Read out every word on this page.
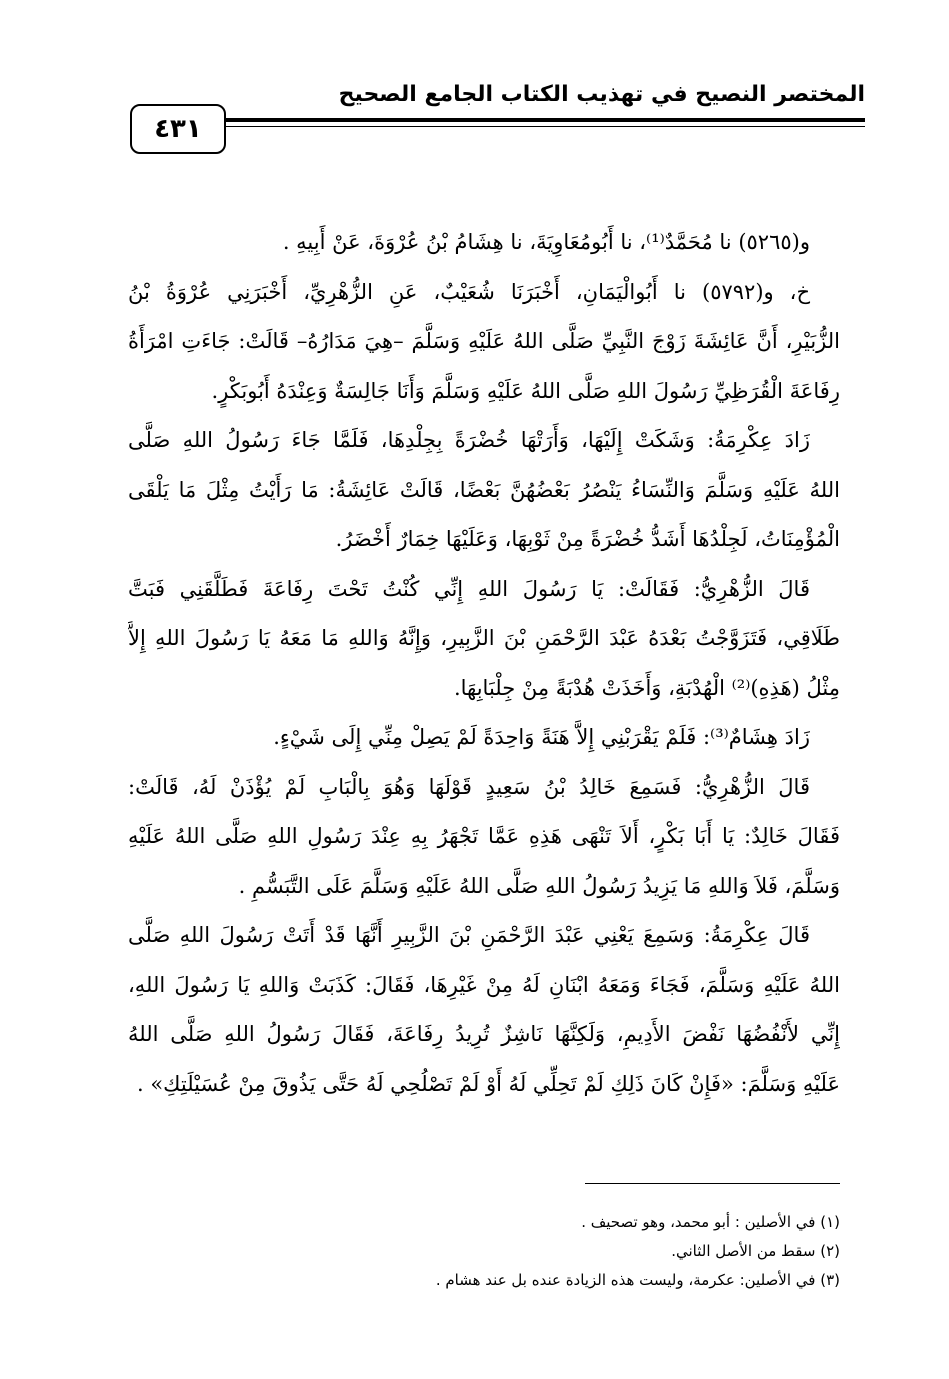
٤٣١
المختصر النصيح في تهذيب الكتاب الجامع الصحيح
و(٥٢٦٥) نا مُحَمَّدٌ⁽¹⁾، نا أَبُومُعَاوِيَةَ، نا هِشَامُ بْنُ عُرْوَةَ، عَنْ أَبِيهِ .
خ، و(٥٧٩٢) نا أَبُوالْيَمَانِ، أَخْبَرَنَا شُعَيْبٌ، عَنِ الزُّهْرِيِّ، أَخْبَرَنِي عُرْوَةُ بْنُ
الزُّبَيْرِ، أَنَّ عَائِشَةَ زَوْجَ النَّبِيِّ صَلَّى اللهُ عَلَيْهِ وَسَلَّمَ –هِيَ مَدَارُهُ– قَالَتْ: جَاءَتِ امْرَأَةُ
رِفَاعَةَ الْقُرَظِيِّ رَسُولَ اللهِ صَلَّى اللهُ عَلَيْهِ وَسَلَّمَ وَأَنَا جَالِسَةٌ وَعِنْدَهُ أَبُوبَكْرٍ.
زَادَ عِكْرِمَةُ: وَشَكَتْ إِلَيْهَا، وَأَرَتْهَا خُضْرَةً بِجِلْدِهَا، فَلَمَّا جَاءَ رَسُولُ اللهِ صَلَّى
اللهُ عَلَيْهِ وَسَلَّمَ وَالنِّسَاءُ يَنْصُرُ بَعْضُهُنَّ بَعْضًا، قَالَتْ عَائِشَةُ: مَا رَأَيْتُ مِثْلَ مَا يَلْقَى
الْمُؤْمِنَاتُ، لَجِلْدُهَا أَشَدُّ خُضْرَةً مِنْ ثَوْبِهَا، وَعَلَيْهَا خِمَارٌ أَخْضَرُ.
قَالَ الزُّهْرِيُّ: فَقَالَتْ: يَا رَسُولَ اللهِ إِنِّي كُنْتُ تَحْتَ رِفَاعَةَ فَطَلَّقَنِي فَبَتَّ
طَلَاقِي، فَتَزَوَّجْتُ بَعْدَهُ عَبْدَ الرَّحْمَنِ بْنَ الزَّبِيرِ، وَإِنَّهُ وَاللهِ مَا مَعَهُ يَا رَسُولَ اللهِ إِلاَّ
مِثْلُ (هَذِهِ)⁽²⁾ الْهُدْبَةِ، وَأَخَذَتْ هُدْبَةً مِنْ جِلْبَابِهَا.
زَادَ هِشَامٌ⁽³⁾: فَلَمْ يَقْرَبْنِي إِلاَّ هَنَةً وَاحِدَةً لَمْ يَصِلْ مِنِّي إِلَى شَيْءٍ.
قَالَ الزُّهْرِيُّ: فَسَمِعَ خَالِدُ بْنُ سَعِيدٍ قَوْلَهَا وَهُوَ بِالْبَابِ لَمْ يُؤْذَنْ لَهُ، قَالَتْ:
فَقَالَ خَالِدٌ: يَا أَبَا بَكْرٍ، أَلاَ تَنْهَى هَذِهِ عَمَّا تَجْهَرُ بِهِ عِنْدَ رَسُولِ اللهِ صَلَّى اللهُ عَلَيْهِ
وَسَلَّمَ، فَلاَ وَاللهِ مَا يَزِيدُ رَسُولُ اللهِ صَلَّى اللهُ عَلَيْهِ وَسَلَّمَ عَلَى التَّبَسُّمِ .
قَالَ عِكْرِمَةُ: وَسَمِعَ يَعْنِي عَبْدَ الرَّحْمَنِ بْنَ الزَّبِيرِ أَنَّهَا قَدْ أَتَتْ رَسُولَ اللهِ صَلَّى
اللهُ عَلَيْهِ وَسَلَّمَ، فَجَاءَ وَمَعَهُ ابْنَانِ لَهُ مِنْ غَيْرِهَا، فَقَالَ: كَذَبَتْ وَاللهِ يَا رَسُولَ اللهِ،
إِنِّي لأَنْفُضُهَا نَفْضَ الأَدِيمِ، وَلَكِنَّهَا نَاشِزٌ تُرِيدُ رِفَاعَةَ، فَقَالَ رَسُولُ اللهِ صَلَّى اللهُ
عَلَيْهِ وَسَلَّمَ: «فَإِنْ كَانَ ذَلِكِ لَمْ تَحِلِّي لَهُ أَوْ لَمْ تَصْلُحِي لَهُ حَتَّى يَذُوقَ مِنْ عُسَيْلَتِكِ» .
(١) في الأصلين : أبو محمد، وهو تصحيف .
(٢) سقط من الأصل الثاني.
(٣) في الأصلين: عكرمة، وليست هذه الزيادة عنده بل عند هشام .
